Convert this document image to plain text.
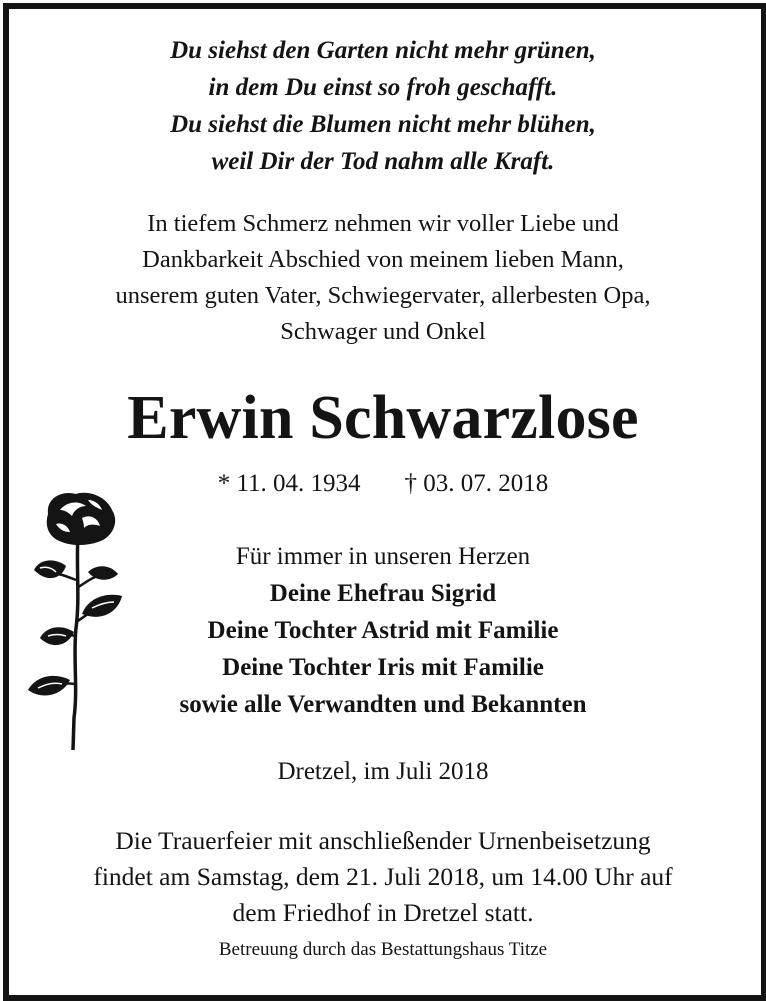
Du siehst den Garten nicht mehr grünen,
in dem Du einst so froh geschafft.
Du siehst die Blumen nicht mehr blühen,
weil Dir der Tod nahm alle Kraft.
In tiefem Schmerz nehmen wir voller Liebe und
Dankbarkeit Abschied von meinem lieben Mann,
unserem guten Vater, Schwiegervater, allerbesten Opa,
Schwager und Onkel
Erwin Schwarzlose
* 11. 04. 1934 † 03. 07. 2018
Für immer in unseren Herzen
Deine Ehefrau Sigrid
Deine Tochter Astrid mit Familie
Deine Tochter Iris mit Familie
sowie alle Verwandten und Bekannten
Dretzel, im Juli 2018
Die Trauerfeier mit anschließender Urnenbeisetzung
findet am Samstag, dem 21. Juli 2018, um 14.00 Uhr auf
dem Friedhof in Dretzel statt.
Betreuung durch das Bestattungshaus Titze
